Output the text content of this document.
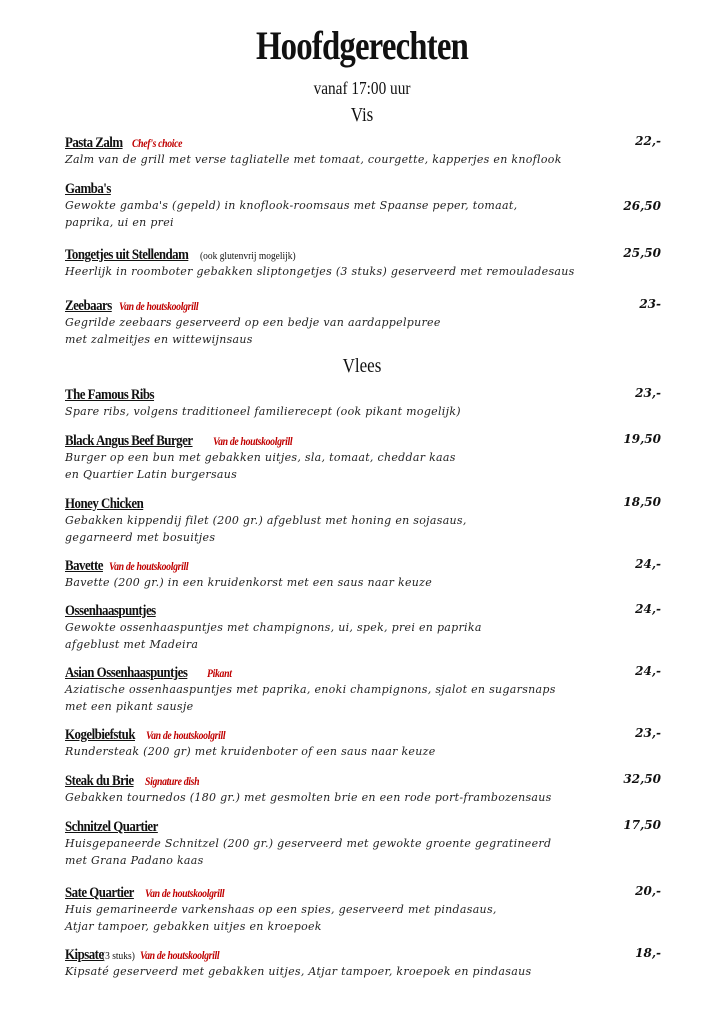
Hoofdgerechten
vanaf 17:00 uur
Vis
Pasta Zalm Chef's choice
Zalm van de grill met verse tagliatelle met tomaat, courgette, kapperjes en knoflook
22,-
Gamba's
Gewokte gamba's (gepeld) in knoflook-roomsaus met Spaanse peper, tomaat,
paprika, ui en prei
26,50
Tongetjes uit Stellendam (ook glutenvrij mogelijk)
Heerlijk in roomboter gebakken sliptongetjes (3 stuks) geserveerd met remouladesaus
25,50
Zeebaars Van de houtskoolgrill
Gegrilde zeebaars geserveerd op een bedje van aardappelpuree
met zalmeitjes en wittewijnsaus
23-
Vlees
The Famous Ribs
Spare ribs, volgens traditioneel familierecept (ook pikant mogelijk)
23,-
Black Angus Beef Burger Van de houtskoolgrill
Burger op een bun met gebakken uitjes, sla, tomaat, cheddar kaas
en Quartier Latin burgersaus
19,50
Honey Chicken
Gebakken kippendij filet (200 gr.) afgeblust met honing en sojasaus,
gegarneerd met bosuitjes
18,50
Bavette Van de houtskoolgrill
Bavette (200 gr.) in een kruidenkorst met een saus naar keuze
24,-
Ossenhaaspuntjes
Gewokte ossenhaaspuntjes met champignons, ui, spek, prei en paprika
afgeblust met Madeira
24,-
Asian Ossenhaaspuntjes Pikant
Aziatische ossenhaaspuntjes met paprika, enoki champignons, sjalot en sugarsnaps
met een pikant sausje
24,-
Kogelbiefstuk Van de houtskoolgrill
Rundersteak (200 gr) met kruidenboter of een saus naar keuze
23,-
Steak du Brie Signature dish
Gebakken tournedos (180 gr.) met gesmolten brie en een rode port-frambozensaus
32,50
Schnitzel Quartier
Huisgepaneerde Schnitzel (200 gr.) geserveerd met gewokte groente gegratineerd
met Grana Padano kaas
17,50
Sate Quartier Van de houtskoolgrill
Huis gemarineerde varkenshaas op een spies, geserveerd met pindasaus,
Atjar tampoer, gebakken uitjes en kroepoek
20,-
Kipsate(3 stuks) Van de houtskoolgrill
Kipsaté geserveerd met gebakken uitjes, Atjar tampoer, kroepoek en pindasaus
18,-
